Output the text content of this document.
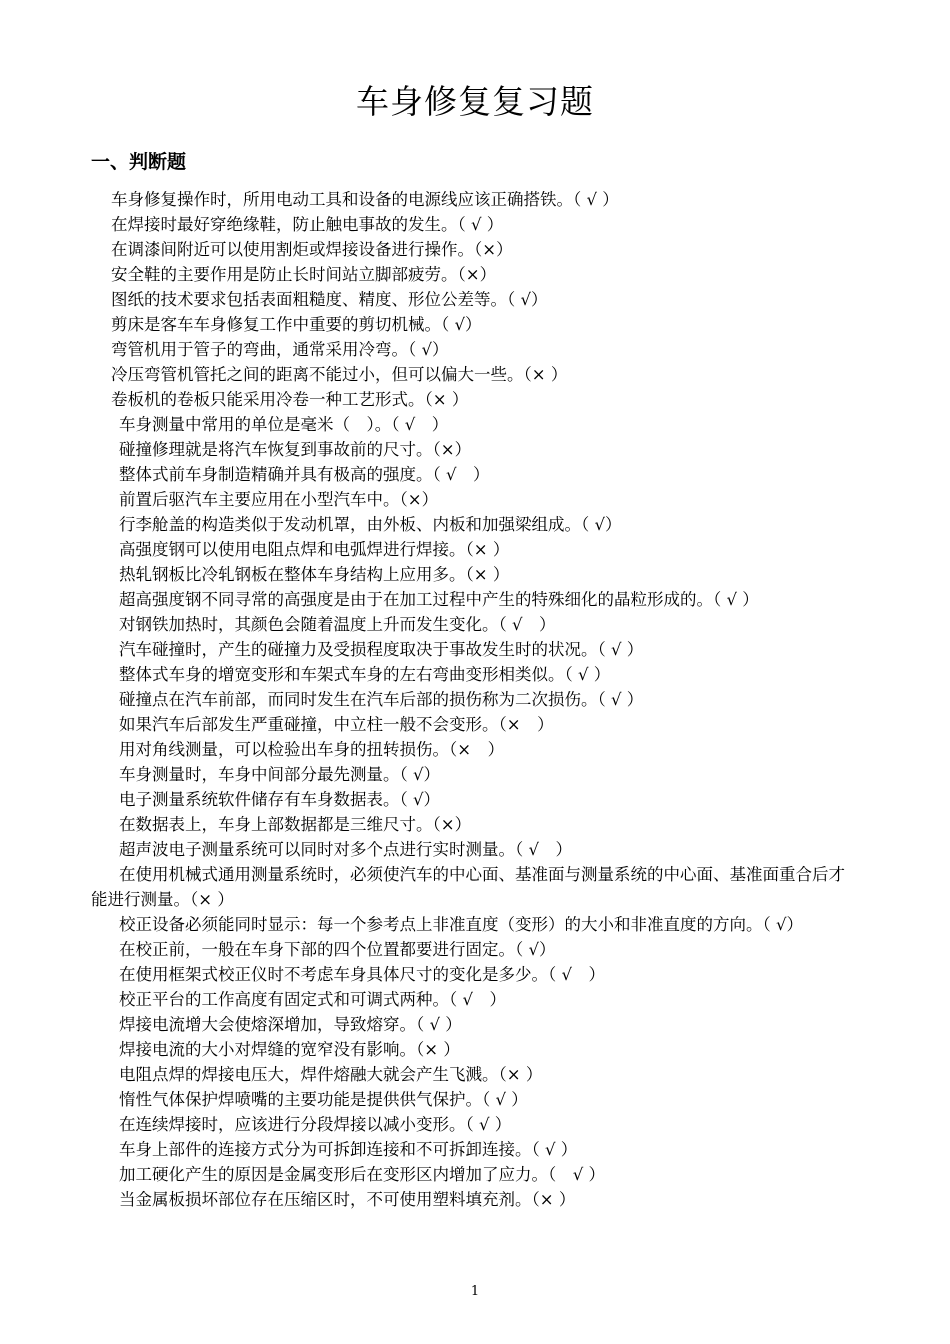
车身修复复习题
一、判断题
车身修复操作时，所用电动工具和设备的电源线应该正确搭铁。（ √ ）
在焊接时最好穿绝缘鞋，防止触电事故的发生。（ √ ）
在调漆间附近可以使用割炬或焊接设备进行操作。（×）
安全鞋的主要作用是防止长时间站立脚部疲劳。（×）
图纸的技术要求包括表面粗糙度、精度、形位公差等。（ √）
剪床是客车车身修复工作中重要的剪切机械。（ √）
弯管机用于管子的弯曲，通常采用冷弯。（ √）
冷压弯管机管托之间的距离不能过小，但可以偏大一些。（× ）
卷板机的卷板只能采用冷卷一种工艺形式。（× ）
车身测量中常用的单位是毫米（　）。（ √　）
碰撞修理就是将汽车恢复到事故前的尺寸。（×）
整体式前车身制造精确并具有极高的强度。（ √　）
前置后驱汽车主要应用在小型汽车中。（×）
行李舱盖的构造类似于发动机罩，由外板、内板和加强梁组成。（ √）
高强度钢可以使用电阻点焊和电弧焊进行焊接。（× ）
热轧钢板比冷轧钢板在整体车身结构上应用多。（× ）
超高强度钢不同寻常的高强度是由于在加工过程中产生的特殊细化的晶粒形成的。（ √ ）
对钢铁加热时，其颜色会随着温度上升而发生变化。（ √　）
汽车碰撞时，产生的碰撞力及受损程度取决于事故发生时的状况。（ √ ）
整体式车身的增宽变形和车架式车身的左右弯曲变形相类似。（ √ ）
碰撞点在汽车前部，而同时发生在汽车后部的损伤称为二次损伤。（ √ ）
如果汽车后部发生严重碰撞，中立柱一般不会变形。（×　）
用对角线测量，可以检验出车身的扭转损伤。（×　）
车身测量时，车身中间部分最先测量。（ √）
电子测量系统软件储存有车身数据表。（ √）
在数据表上，车身上部数据都是三维尺寸。（×）
超声波电子测量系统可以同时对多个点进行实时测量。（ √　）
在使用机械式通用测量系统时，必须使汽车的中心面、基准面与测量系统的中心面、基准面重合后才能进行测量。（× ）
校正设备必须能同时显示：每一个参考点上非准直度（变形）的大小和非准直度的方向。（ √）
在校正前，一般在车身下部的四个位置都要进行固定。（ √）
在使用框架式校正仪时不考虑车身具体尺寸的变化是多少。（ √　）
校正平台的工作高度有固定式和可调式两种。（ √　）
焊接电流增大会使熔深增加，导致熔穿。（ √ ）
焊接电流的大小对焊缝的宽窄没有影响。（× ）
电阻点焊的焊接电压大，焊件熔融大就会产生飞溅。（× ）
惰性气体保护焊喷嘴的主要功能是提供供气保护。（ √ ）
在连续焊接时，应该进行分段焊接以减小变形。（ √ ）
车身上部件的连接方式分为可拆卸连接和不可拆卸连接。（ √ ）
加工硬化产生的原因是金属变形后在变形区内增加了应力。（　√ ）
当金属板损坏部位存在压缩区时，不可使用塑料填充剂。（× ）
1
